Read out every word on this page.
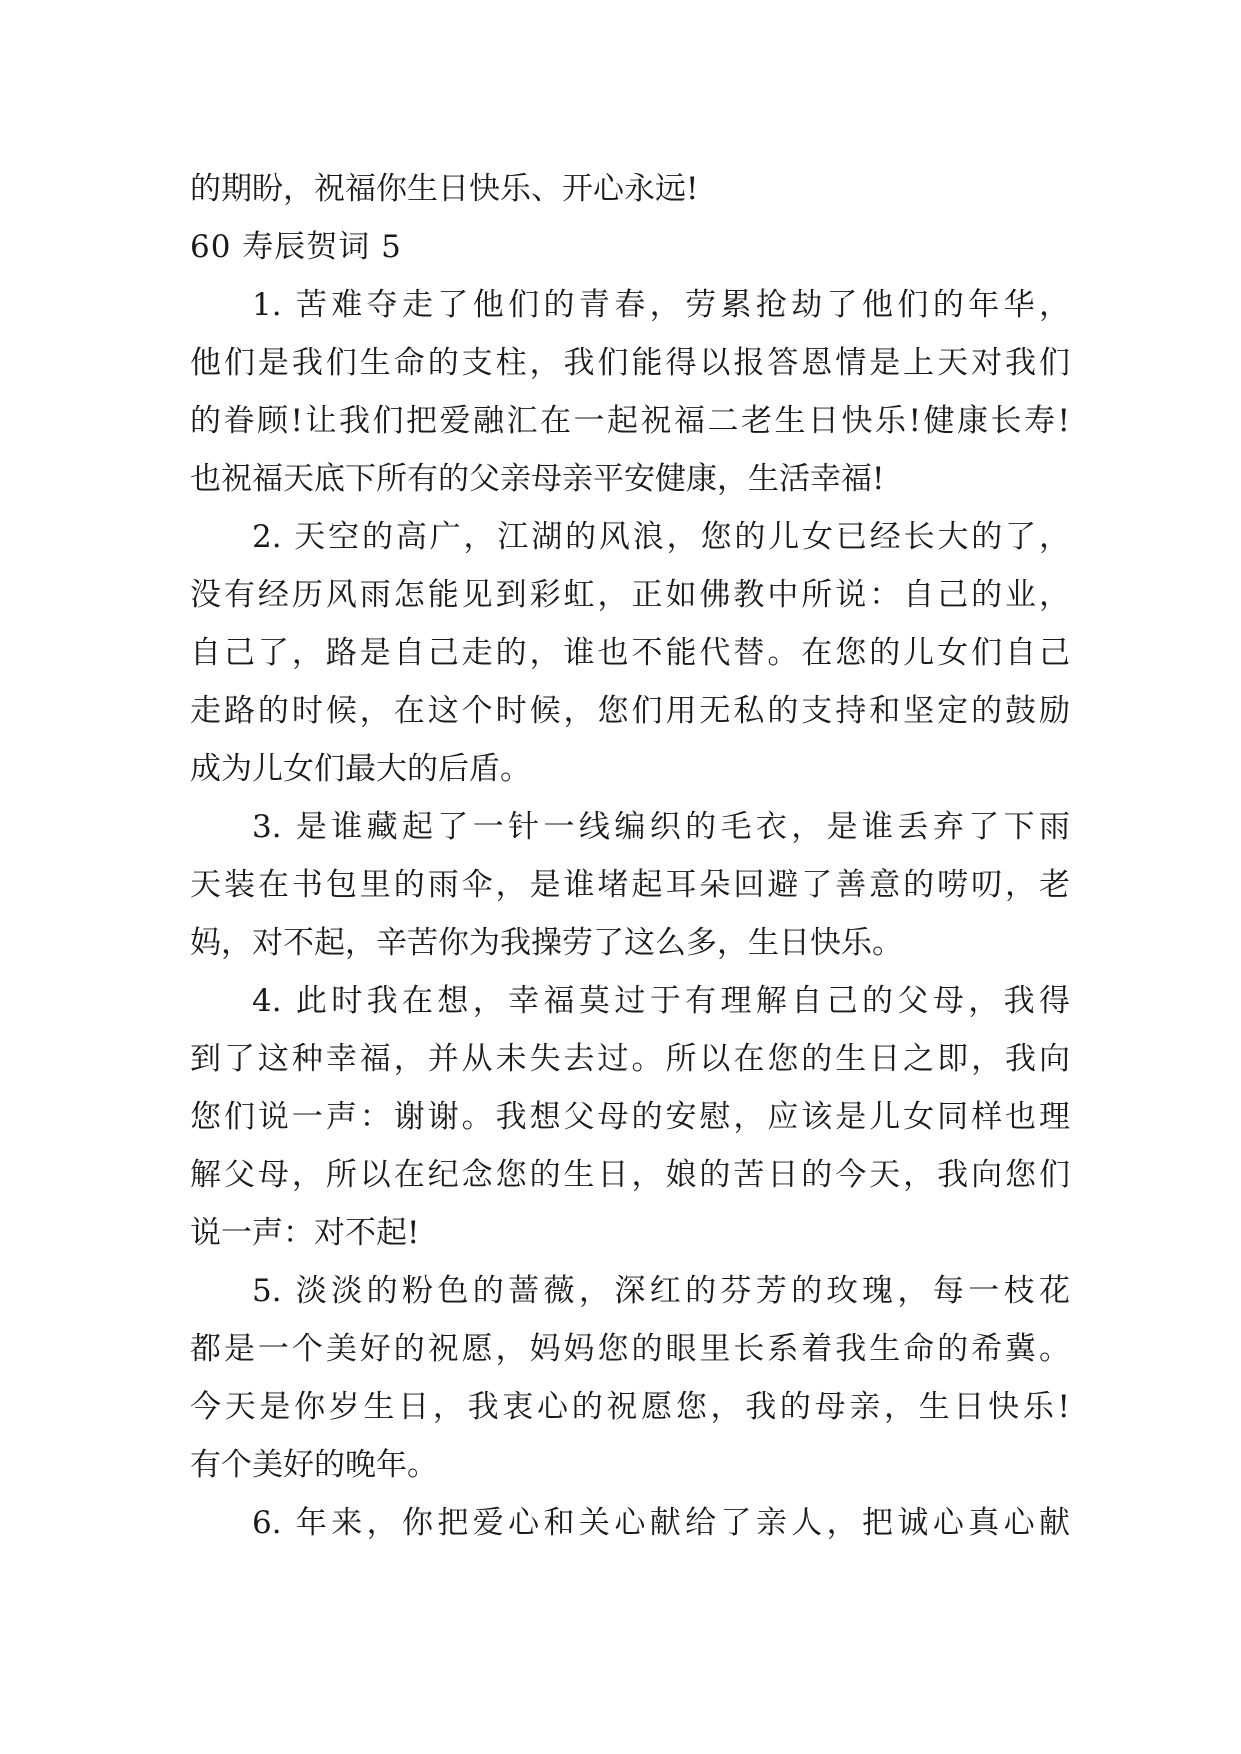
的期盼，祝福你生日快乐、开心永远!
60 寿辰贺词 5
1. 苦难夺走了他们的青春，劳累抢劫了他们的年华，
他们是我们生命的支柱，我们能得以报答恩情是上天对我们
的眷顾!让我们把爱融汇在一起祝福二老生日快乐!健康长寿!
也祝福天底下所有的父亲母亲平安健康，生活幸福!
2. 天空的高广，江湖的风浪，您的儿女已经长大的了，
没有经历风雨怎能见到彩虹，正如佛教中所说：自己的业，
自己了，路是自己走的，谁也不能代替。在您的儿女们自己
走路的时候，在这个时候，您们用无私的支持和坚定的鼓励
成为儿女们最大的后盾。
3. 是谁藏起了一针一线编织的毛衣，是谁丢弃了下雨
天装在书包里的雨伞，是谁堵起耳朵回避了善意的唠叨，老
妈，对不起，辛苦你为我操劳了这么多，生日快乐。
4. 此时我在想，幸福莫过于有理解自己的父母，我得
到了这种幸福，并从未失去过。所以在您的生日之即，我向
您们说一声：谢谢。我想父母的安慰，应该是儿女同样也理
解父母，所以在纪念您的生日，娘的苦日的今天，我向您们
说一声：对不起!
5. 淡淡的粉色的蔷薇，深红的芬芳的玫瑰，每一枝花
都是一个美好的祝愿，妈妈您的眼里长系着我生命的希冀。
今天是你岁生日，我衷心的祝愿您，我的母亲，生日快乐!
有个美好的晚年。
6. 年来，你把爱心和关心献给了亲人，把诚心真心献
